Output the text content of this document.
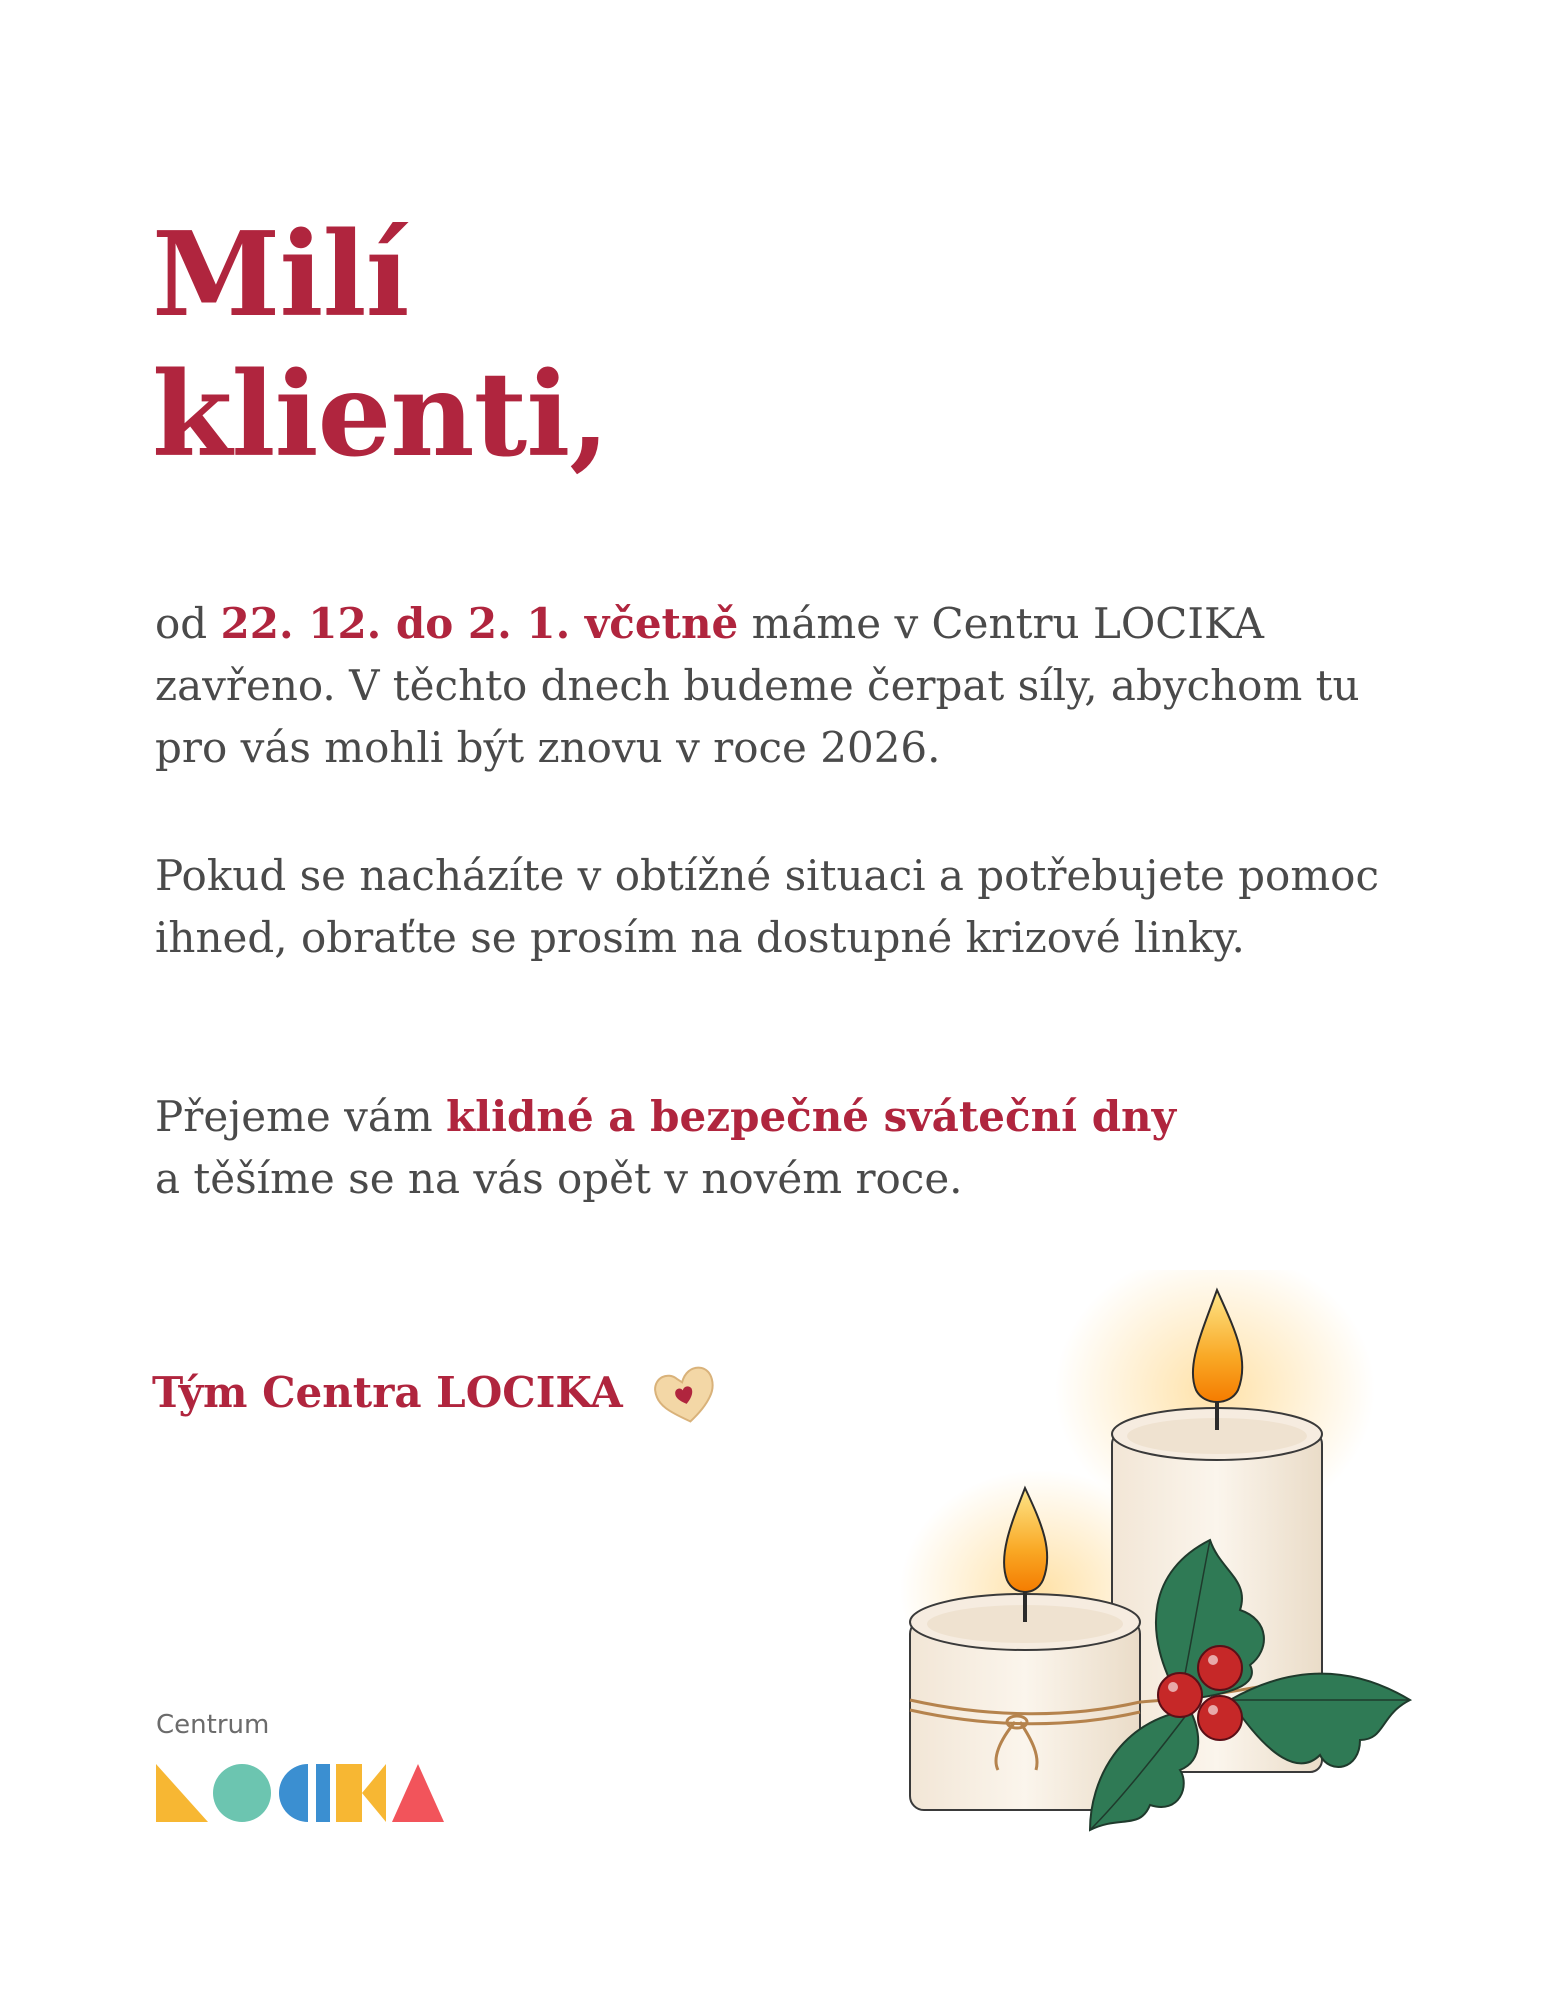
Milí
klienti,

od 22. 12. do 2. 1. včetně máme v Centru LOCIKA zavřeno. V těchto dnech budeme čerpat síly, abychom tu pro vás mohli být znovu v roce 2026.

Pokud se nacházíte v obtížné situaci a potřebujete pomoc ihned, obraťte se prosím na dostupné krizové linky.

Přejeme vám klidné a bezpečné sváteční dny
a těšíme se na vás opět v novém roce.

Tým Centra LOCIKA
Centrum
